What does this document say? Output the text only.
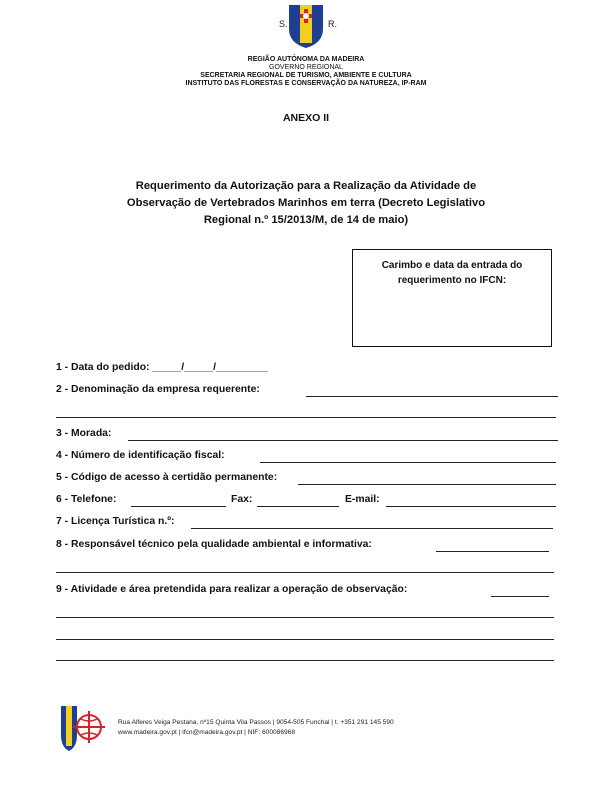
S.	R.
REGIÃO AUTÓNOMA DA MADEIRA
GOVERNO REGIONAL
SECRETARIA REGIONAL DE TURISMO, AMBIENTE E CULTURA
INSTITUTO DAS FLORESTAS E CONSERVAÇÃO DA NATUREZA, IP-RAM
ANEXO II
Requerimento da Autorização para a Realização da Atividade de
Observação de Vertebrados Marinhos em terra (Decreto Legislativo
Regional n.º 15/2013/M, de 14 de maio)
Carimbo e data da entrada do
requerimento no IFCN:
1 - Data do pedido: _____/_____/_________
2 - Denominação da empresa requerente:
3 - Morada:
4 - Número de identificação fiscal:
5 - Código de acesso à certidão permanente:
6 - Telefone:	Fax:	E-mail:
7 - Licença Turística n.º:
8 - Responsável técnico pela qualidade ambiental e informativa:
9 - Atividade e área pretendida para realizar a operação de observação:
Rua Alferes Veiga Pestana, nº15 Quinta Vila Passos | 9054-505 Funchal | t. +351 291 145 590
www.madeira.gov.pt | ifcn@madeira.gov.pt | NIF: 600086968
